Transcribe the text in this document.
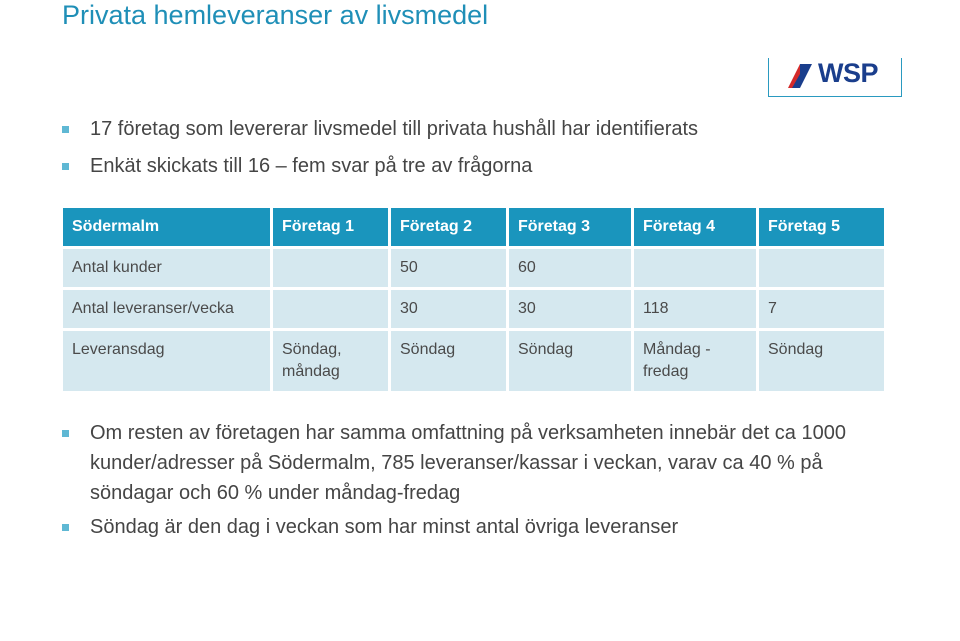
Privata hemleveranser av livsmedel
WSP
17 företag som levererar livsmedel till privata hushåll har identifierats
Enkät skickats till 16 – fem svar på tre av frågorna
Södermalm	Företag 1	Företag 2	Företag 3	Företag 4	Företag 5
Antal kunder		50	60		
Antal leveranser/vecka		30	30	118	7
Leveransdag	Söndag, måndag	Söndag	Söndag	Måndag - fredag	Söndag
Om resten av företagen har samma omfattning på verksamheten innebär det ca 1000 kunder/adresser på Södermalm, 785 leveranser/kassar i veckan, varav ca 40 % på söndagar och 60 % under måndag-fredag
Söndag är den dag i veckan som har minst antal övriga leveranser
